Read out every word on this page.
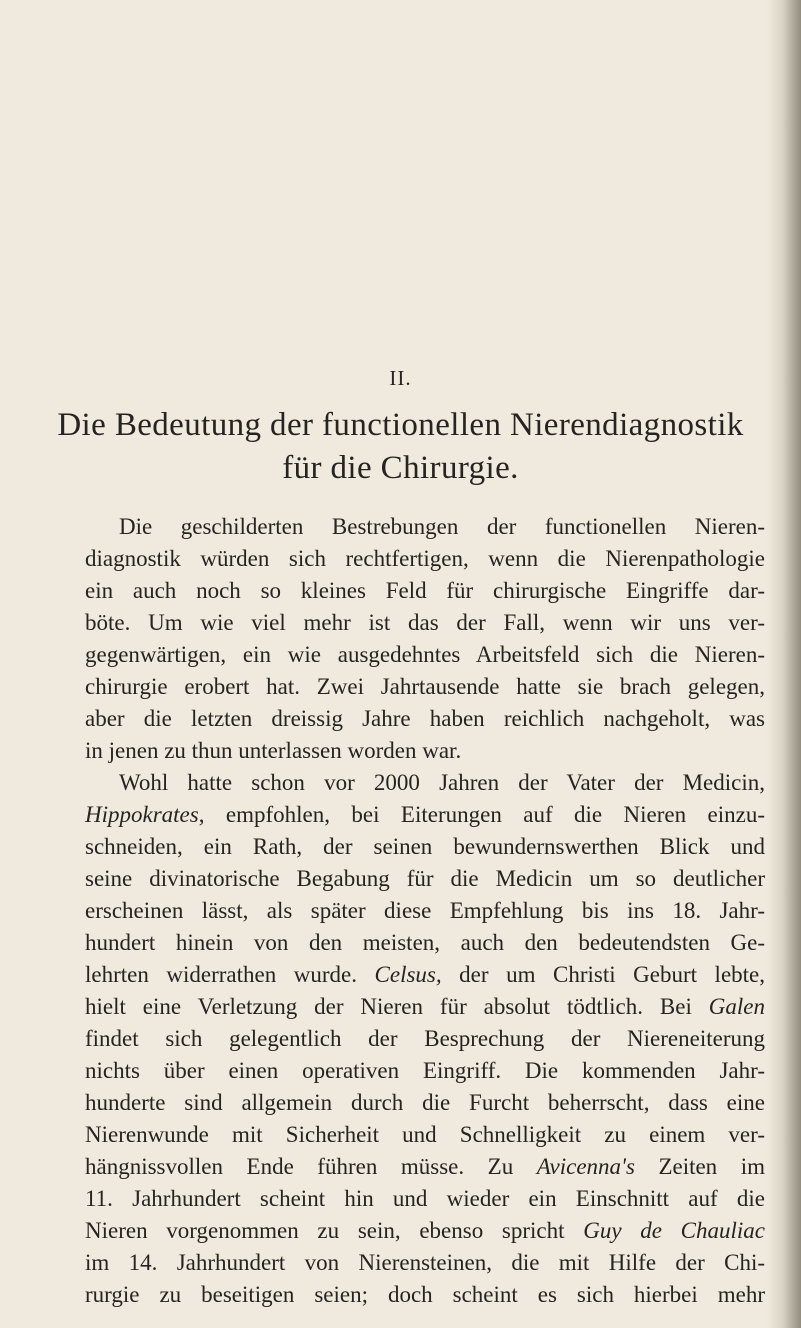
II.
Die Bedeutung der functionellen Nierendiagnostik
für die Chirurgie.
Die geschilderten Bestrebungen der functionellen Nieren-
diagnostik würden sich rechtfertigen, wenn die Nierenpathologie
ein auch noch so kleines Feld für chirurgische Eingriffe dar-
böte. Um wie viel mehr ist das der Fall, wenn wir uns ver-
gegenwärtigen, ein wie ausgedehntes Arbeitsfeld sich die Nieren-
chirurgie erobert hat. Zwei Jahrtausende hatte sie brach gelegen,
aber die letzten dreissig Jahre haben reichlich nachgeholt, was
in jenen zu thun unterlassen worden war.
Wohl hatte schon vor 2000 Jahren der Vater der Medicin,
Hippokrates, empfohlen, bei Eiterungen auf die Nieren einzu-
schneiden, ein Rath, der seinen bewundernswerthen Blick und
seine divinatorische Begabung für die Medicin um so deutlicher
erscheinen lässt, als später diese Empfehlung bis ins 18. Jahr-
hundert hinein von den meisten, auch den bedeutendsten Ge-
lehrten widerrathen wurde. Celsus, der um Christi Geburt lebte,
hielt eine Verletzung der Nieren für absolut tödtlich. Bei Galen
findet sich gelegentlich der Besprechung der Niereneiterung
nichts über einen operativen Eingriff. Die kommenden Jahr-
hunderte sind allgemein durch die Furcht beherrscht, dass eine
Nierenwunde mit Sicherheit und Schnelligkeit zu einem ver-
hängnissvollen Ende führen müsse. Zu Avicenna's Zeiten im
11. Jahrhundert scheint hin und wieder ein Einschnitt auf die
Nieren vorgenommen zu sein, ebenso spricht Guy de Chauliac
im 14. Jahrhundert von Nierensteinen, die mit Hilfe der Chi-
rurgie zu beseitigen seien; doch scheint es sich hierbei mehr
